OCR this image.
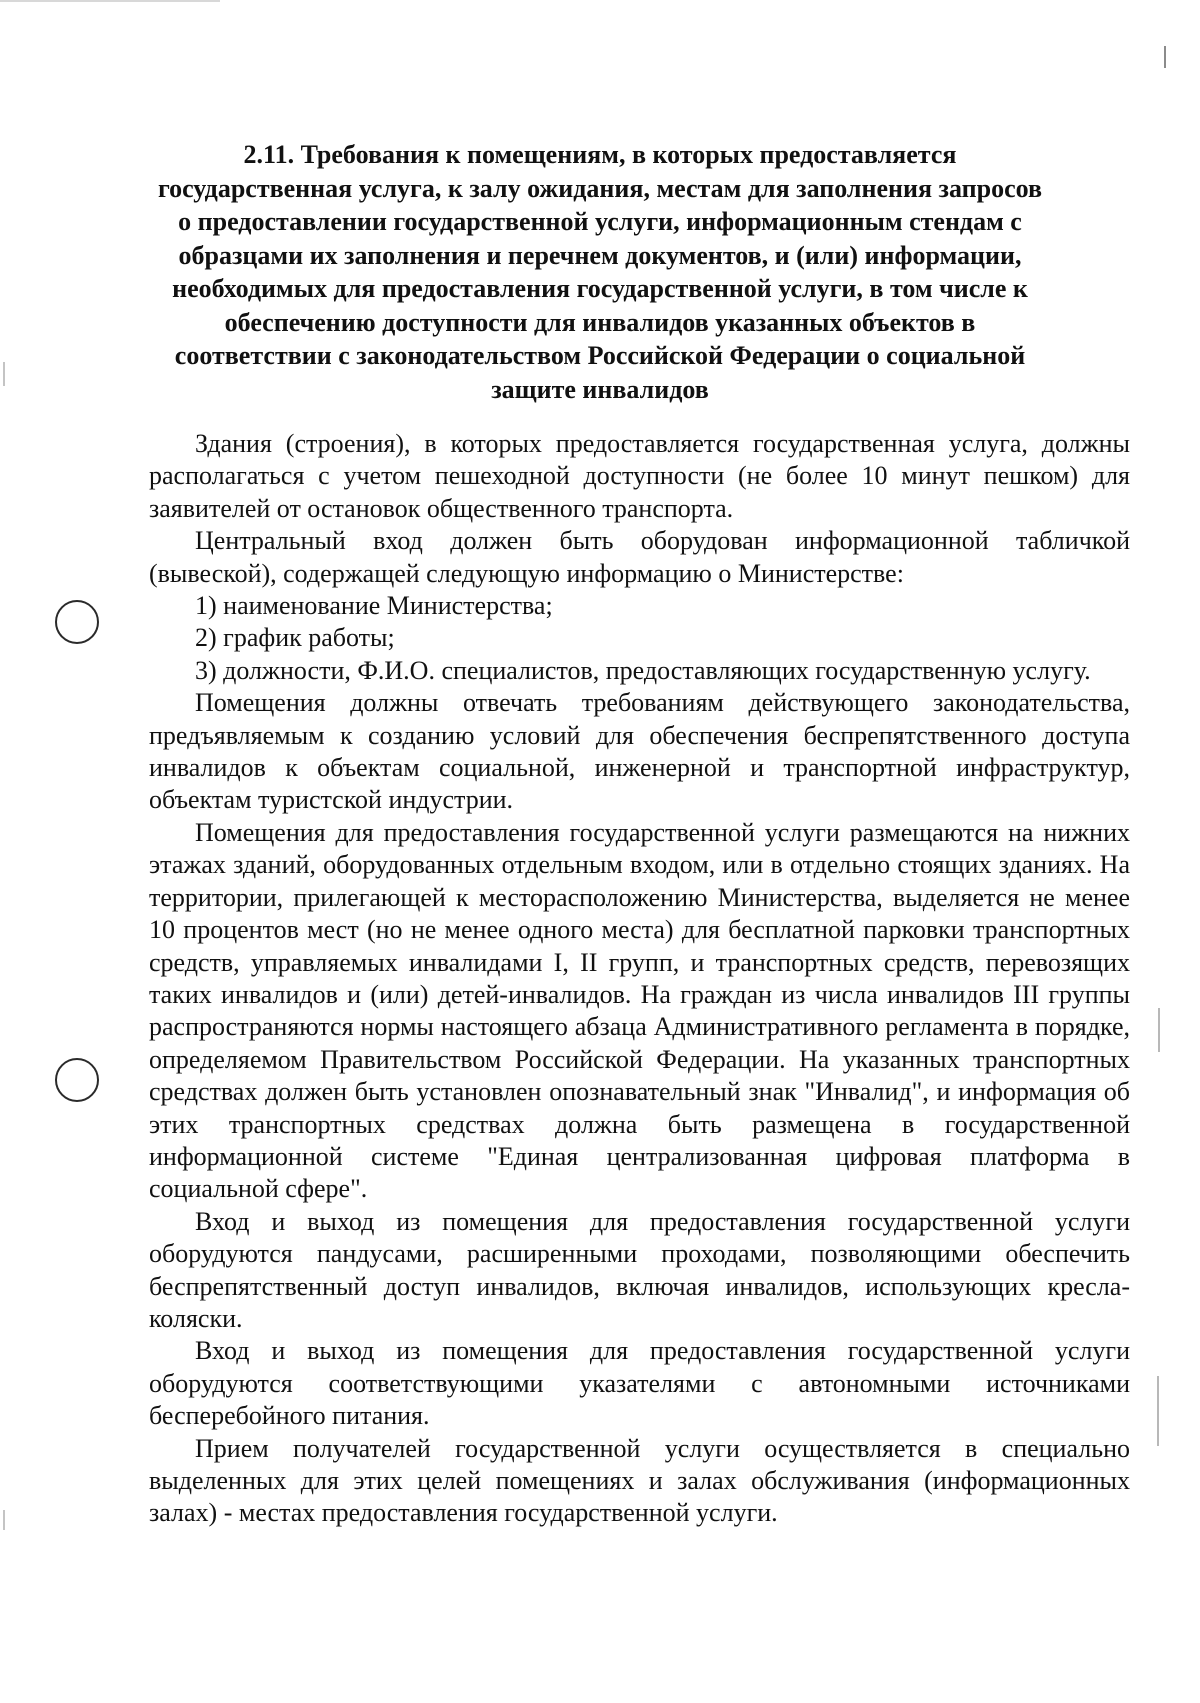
2.11. Требования к помещениям, в которых предоставляется государственная услуга, к залу ожидания, местам для заполнения запросов о предоставлении государственной услуги, информационным стендам с образцами их заполнения и перечнем документов, и (или) информации, необходимых для предоставления государственной услуги, в том числе к обеспечению доступности для инвалидов указанных объектов в соответствии с законодательством Российской Федерации о социальной защите инвалидов

Здания (строения), в которых предоставляется государственная услуга, должны располагаться с учетом пешеходной доступности (не более 10 минут пешком) для заявителей от остановок общественного транспорта.

Центральный вход должен быть оборудован информационной табличкой (вывеской), содержащей следующую информацию о Министерстве:

1) наименование Министерства;

2) график работы;

3) должности, Ф.И.О. специалистов, предоставляющих государственную услугу.

Помещения должны отвечать требованиям действующего законодательства, предъявляемым к созданию условий для обеспечения беспрепятственного доступа инвалидов к объектам социальной, инженерной и транспортной инфраструктур, объектам туристской индустрии.

Помещения для предоставления государственной услуги размещаются на нижних этажах зданий, оборудованных отдельным входом, или в отдельно стоящих зданиях. На территории, прилегающей к месторасположению Министерства, выделяется не менее 10 процентов мест (но не менее одного места) для бесплатной парковки транспортных средств, управляемых инвалидами I, II групп, и транспортных средств, перевозящих таких инвалидов и (или) детей-инвалидов. На граждан из числа инвалидов III группы распространяются нормы настоящего абзаца Административного регламента в порядке, определяемом Правительством Российской Федерации. На указанных транспортных средствах должен быть установлен опознавательный знак "Инвалид", и информация об этих транспортных средствах должна быть размещена в государственной информационной системе "Единая централизованная цифровая платформа в социальной сфере".

Вход и выход из помещения для предоставления государственной услуги оборудуются пандусами, расширенными проходами, позволяющими обеспечить беспрепятственный доступ инвалидов, включая инвалидов, использующих кресла-коляски.

Вход и выход из помещения для предоставления государственной услуги оборудуются соответствующими указателями с автономными источниками бесперебойного питания.

Прием получателей государственной услуги осуществляется в специально выделенных для этих целей помещениях и залах обслуживания (информационных залах) - местах предоставления государственной услуги.
